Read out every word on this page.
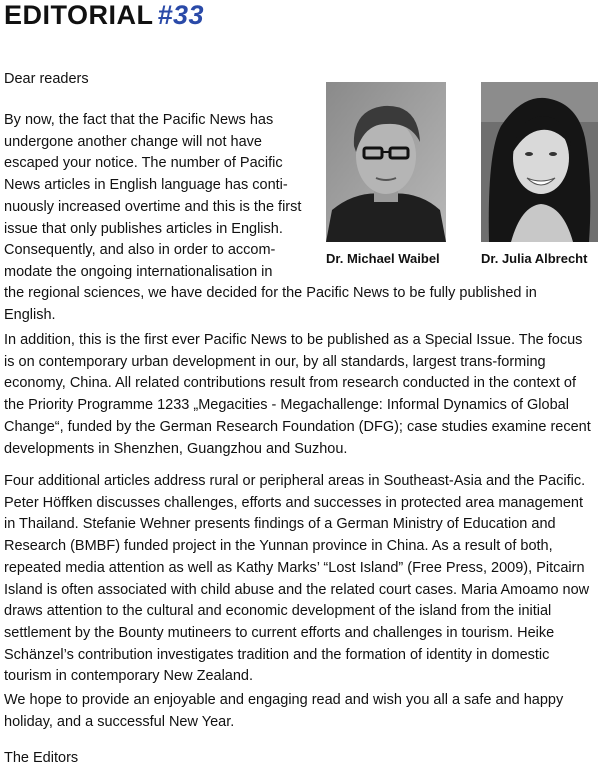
EDITORIAL #33
Dear readers
By now, the fact that the Pacific News has
undergone another change will not have
escaped your notice. The number of Pacific
News articles in English language has conti-
nuously increased overtime and this is the first
issue that only publishes articles in English.
Consequently, and also in order to accom-
modate the ongoing internationalisation in
the regional sciences, we have decided for the Pacific News to be fully published in English.
Dr. Michael Waibel	Dr. Julia Albrecht
In addition, this is the first ever Pacific News to be published as a Special Issue. The focus is on contemporary urban development in our, by all standards, largest trans-forming economy, China. All related contributions result from research conducted in the context of the Priority Programme 1233 „Megacities - Megachallenge: Informal Dynamics of Global Change“, funded by the German Research Foundation (DFG); case studies examine recent developments in Shenzhen, Guangzhou and Suzhou.
Four additional articles address rural or peripheral areas in Southeast-Asia and the Pacific. Peter Höffken discusses challenges, efforts and successes in protected area management in Thailand. Stefanie Wehner presents findings of a German Ministry of Education and Research (BMBF) funded project in the Yunnan province in China. As a result of both, repeated media attention as well as Kathy Marks’ “Lost Island” (Free Press, 2009), Pitcairn Island is often associated with child abuse and the related court cases. Maria Amoamo now draws attention to the cultural and economic development of the island from the initial settlement by the Bounty mutineers to current efforts and challenges in tourism. Heike Schänzel’s contribution investigates tradition and the formation of identity in domestic tourism in contemporary New Zealand.
We hope to provide an enjoyable and engaging read and wish you all a safe and happy holiday, and a successful New Year.
The Editors
